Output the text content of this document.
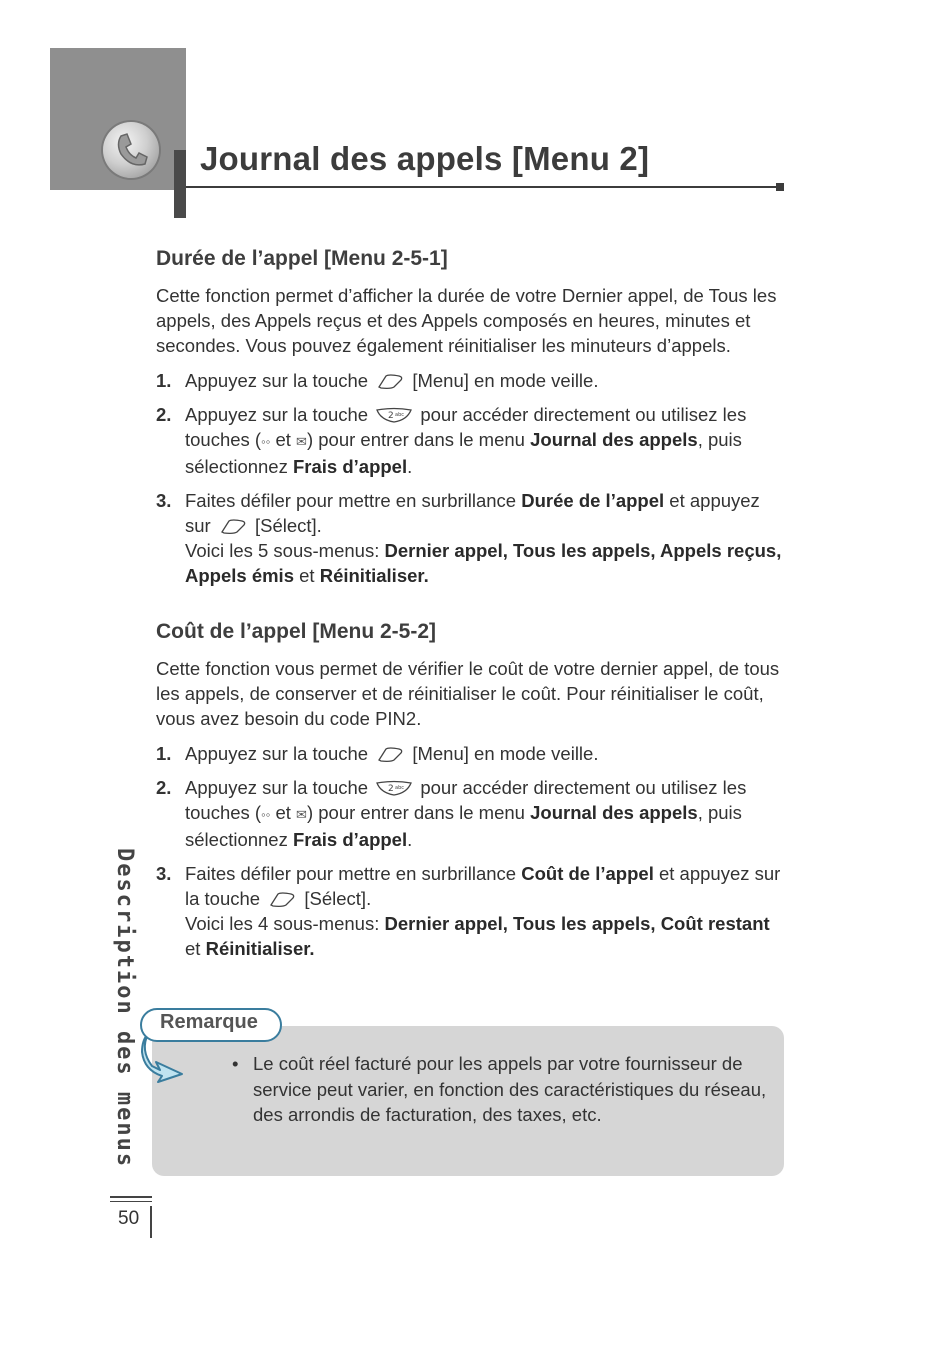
Journal des appels [Menu 2]
Durée de l’appel [Menu 2-5-1]

Cette fonction permet d’afficher la durée de votre Dernier appel, de Tous les appels, des Appels reçus et des Appels composés en heures, minutes et secondes. Vous pouvez également réinitialiser les minuteurs d’appels.

1. Appuyez sur la touche [Menu] en mode veille.
2. Appuyez sur la touche 2 abc pour accéder directement ou utilisez les touches (◦◦ et ✉) pour entrer dans le menu Journal des appels, puis sélectionnez Frais d’appel.
3. Faites défiler pour mettre en surbrillance Durée de l’appel et appuyez sur [Sélect].
Voici les 5 sous-menus: Dernier appel, Tous les appels, Appels reçus, Appels émis et Réinitialiser.
Coût de l’appel [Menu 2-5-2]

Cette fonction vous permet de vérifier le coût de votre dernier appel, de tous les appels, de conserver et de réinitialiser le coût. Pour réinitialiser le coût, vous avez besoin du code PIN2.

1. Appuyez sur la touche [Menu] en mode veille.
2. Appuyez sur la touche 2 abc pour accéder directement ou utilisez les touches (◦◦ et ✉) pour entrer dans le menu Journal des appels, puis sélectionnez Frais d’appel.
3. Faites défiler pour mettre en surbrillance Coût de l’appel et appuyez sur la touche [Sélect].
Voici les 4 sous-menus: Dernier appel, Tous les appels, Coût restant et Réinitialiser.
Description des menus
50
Remarque
• Le coût réel facturé pour les appels par votre fournisseur de service peut varier, en fonction des caractéristiques du réseau, des arrondis de facturation, des taxes, etc.
